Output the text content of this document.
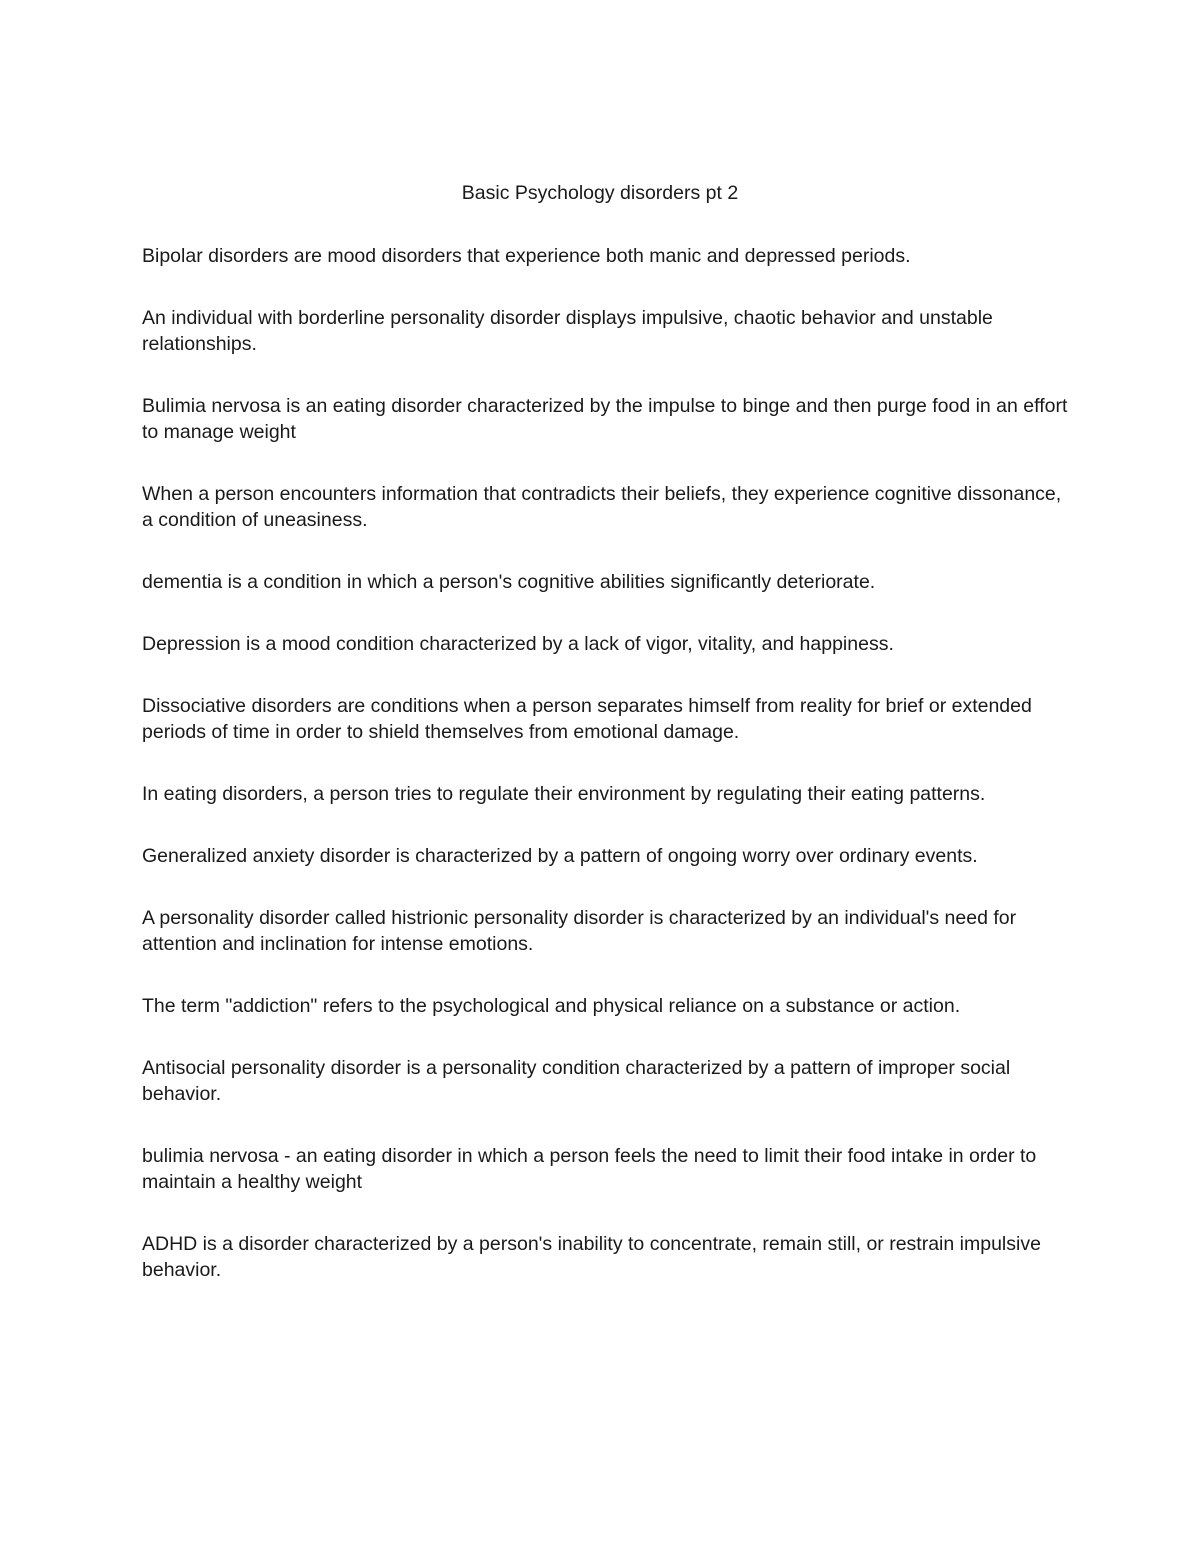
Basic Psychology disorders pt 2

Bipolar disorders are mood disorders that experience both manic and depressed periods.

An individual with borderline personality disorder displays impulsive, chaotic behavior and unstable relationships.

Bulimia nervosa is an eating disorder characterized by the impulse to binge and then purge food in an effort to manage weight

When a person encounters information that contradicts their beliefs, they experience cognitive dissonance, a condition of uneasiness.

dementia is a condition in which a person's cognitive abilities significantly deteriorate.

Depression is a mood condition characterized by a lack of vigor, vitality, and happiness.

Dissociative disorders are conditions when a person separates himself from reality for brief or extended periods of time in order to shield themselves from emotional damage.

In eating disorders, a person tries to regulate their environment by regulating their eating patterns.

Generalized anxiety disorder is characterized by a pattern of ongoing worry over ordinary events.

A personality disorder called histrionic personality disorder is characterized by an individual's need for attention and inclination for intense emotions.

The term "addiction" refers to the psychological and physical reliance on a substance or action.

Antisocial personality disorder is a personality condition characterized by a pattern of improper social behavior.

bulimia nervosa - an eating disorder in which a person feels the need to limit their food intake in order to maintain a healthy weight

ADHD is a disorder characterized by a person's inability to concentrate, remain still, or restrain impulsive behavior.
